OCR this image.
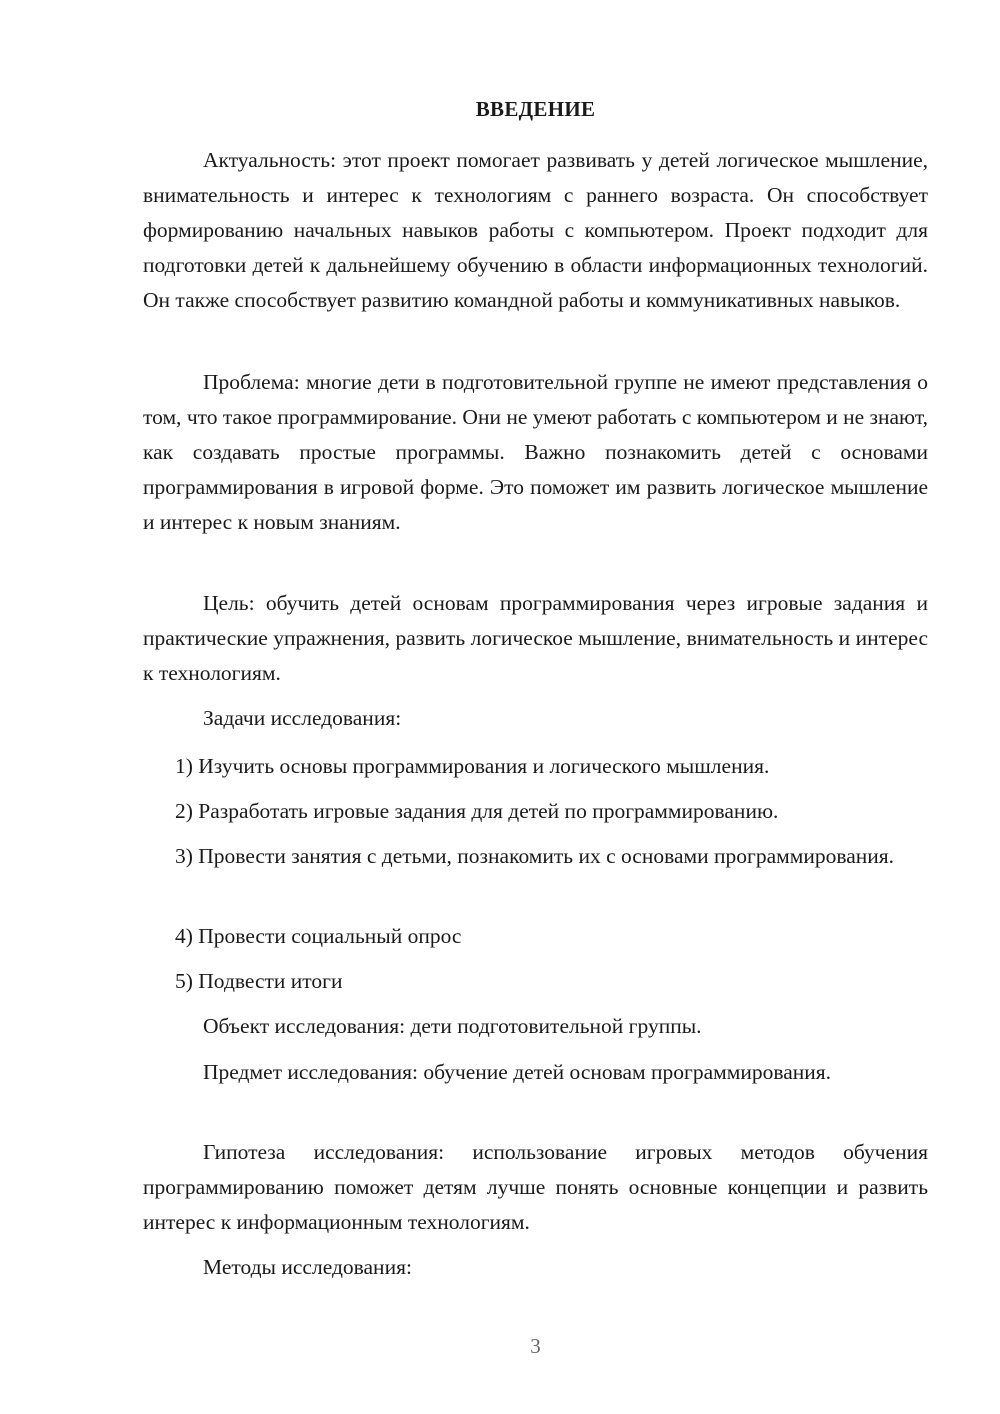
ВВЕДЕНИЕ

Актуальность: этот проект помогает развивать у детей логическое мышление, внимательность и интерес к технологиям с раннего возраста. Он способствует формированию начальных навыков работы с компьютером. Проект подходит для подготовки детей к дальнейшему обучению в области информационных технологий. Он также способствует развитию командной работы и коммуникативных навыков.

Проблема: многие дети в подготовительной группе не имеют представления о том, что такое программирование. Они не умеют работать с компьютером и не знают, как создавать простые программы. Важно познакомить детей с основами программирования в игровой форме. Это поможет им развить логическое мышление и интерес к новым знаниям.

Цель: обучить детей основам программирования через игровые задания и практические упражнения, развить логическое мышление, внимательность и интерес к технологиям.

Задачи исследования:

1) Изучить основы программирования и логического мышления.

2) Разработать игровые задания для детей по программированию.

3) Провести занятия с детьми, познакомить их с основами программирования.

4) Провести социальный опрос

5) Подвести итоги

Объект исследования: дети подготовительной группы.

Предмет исследования: обучение детей основам программирования.

Гипотеза исследования: использование игровых методов обучения программированию поможет детям лучше понять основные концепции и развить интерес к информационным технологиям.

Методы исследования:

3
